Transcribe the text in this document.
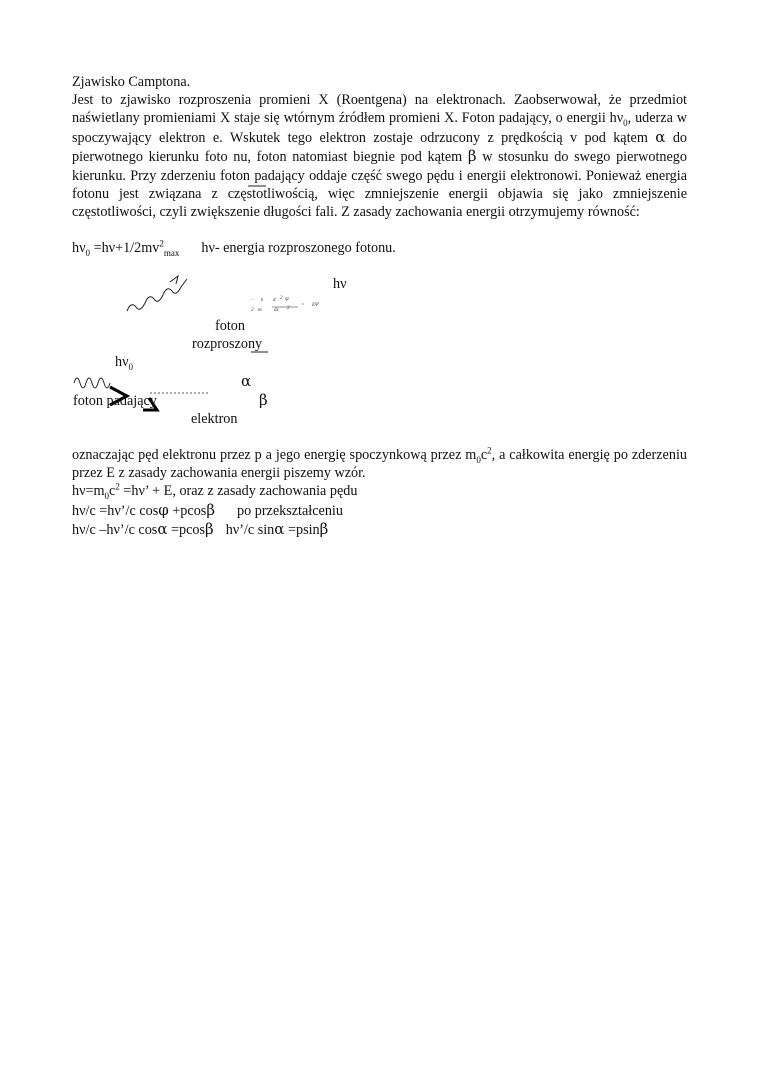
Zjawisko Camptona.

Jest to zjawisko rozproszenia promieni X (Roentgena) na elektronach. Zaobserwował, że przedmiot naświetlany promieniami X staje się wtórnym źródłem promieni X. Foton padający, o energii $h\nu_0$, uderza w spoczywający elektron e. Wskutek tego elektron zostaje odrzucony z prędkością v pod kątem α do pierwotnego kierunku foto nu, foton natomiast biegnie pod kątem β w stosunku do swego pierwotnego kierunku. Przy zderzeniu foton padający oddaje część swego pędu i energii elektronowi. Ponieważ energia fotonu jest związana z częstotliwością, więc zmniejszenie energii objawia się jako zmniejszenie częstotliwości, czyli zwiększenie długości fali. Z zasady zachowania energii otrzymujemy równość:

$h\nu_0 =h\nu+1/2mv^2_{max}$ hν- energia rozproszonego fotonu.
− k d 2 Ψ
2 m dx 2
= EΨ
hν
foton
rozproszony
$h\nu_0$
α
foton padający	β
elektron

oznaczając pęd elektronu przez p a jego energię spoczynkową przez $m_0c^2$, a całkowita energię po zderzeniu przez E z zasady zachowania energii piszemy wzór.

$h\nu=m_0c^2 =h\nu$’ + E, oraz z zasady zachowania pędu
hν/c =hν’/c cosφ +pcosβ po przekształceniu
hν/c –hν’/c cosα =pcosβ hν’/c sinα =psinβ
